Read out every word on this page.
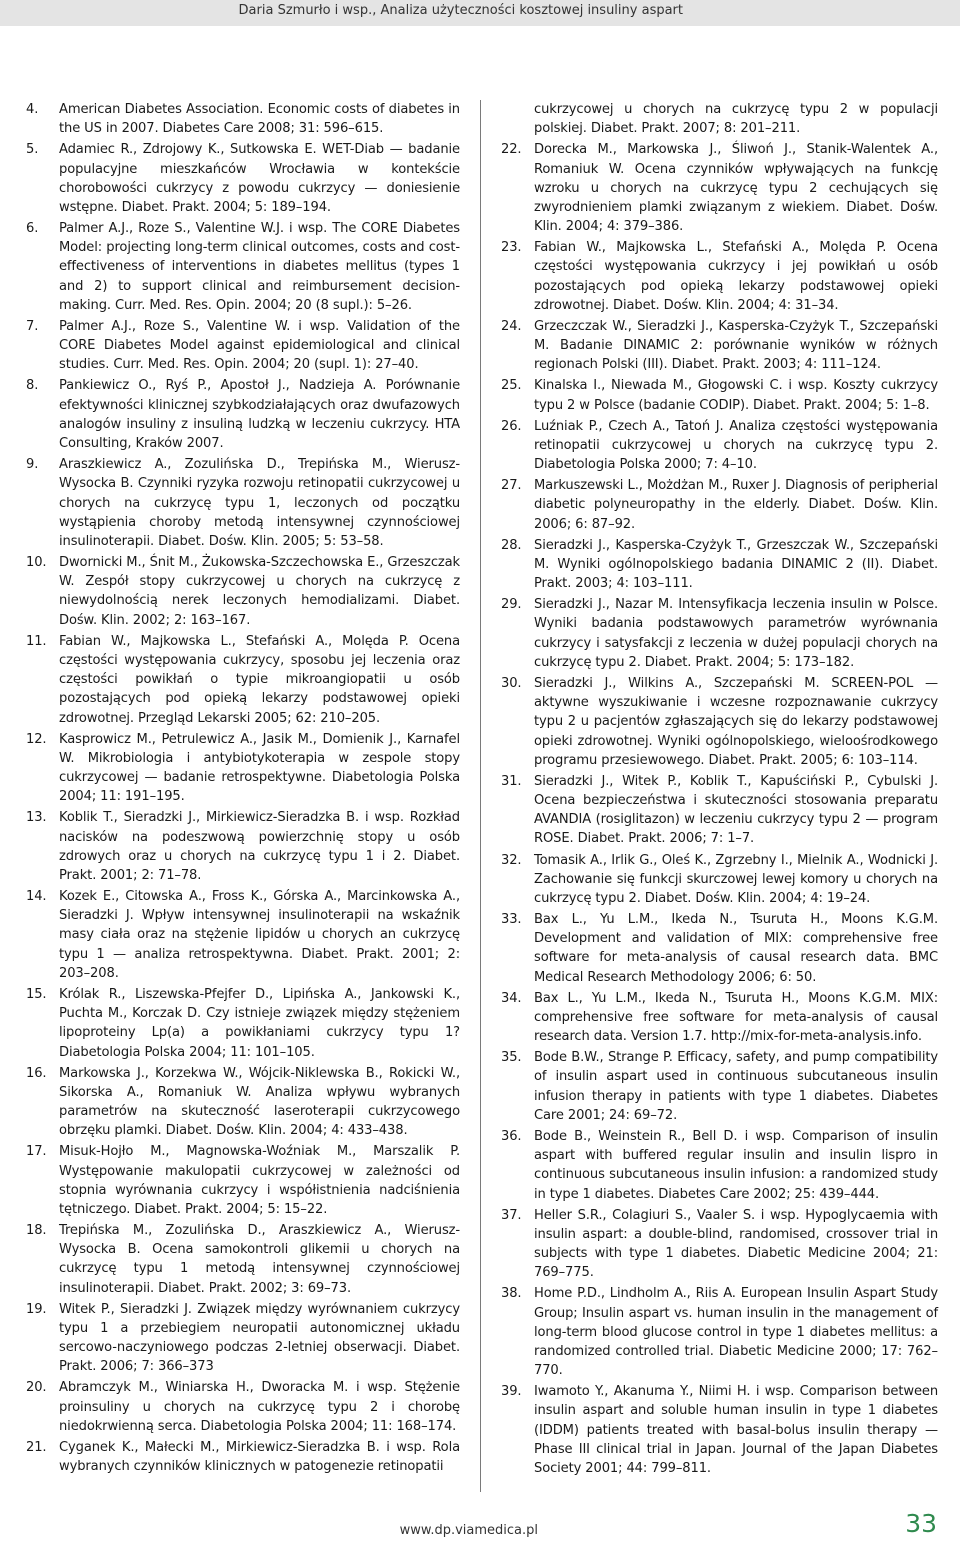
Daria Szmurło i wsp., Analiza użyteczności kosztowej insuliny aspart
4.	American Diabetes Association. Economic costs of diabetes in the US in 2007. Diabetes Care 2008; 31: 596–615.
5.	Adamiec R., Zdrojowy K., Sutkowska E. WET-Diab — badanie populacyjne mieszkańców Wrocławia w kontekście chorobowości cukrzycy z powodu cukrzycy — doniesienie wstępne. Diabet. Prakt. 2004; 5: 189–194.
6.	Palmer A.J., Roze S., Valentine W.J. i wsp. The CORE Diabetes Model: projecting long-term clinical outcomes, costs and cost-effectiveness of interventions in diabetes mellitus (types 1 and 2) to support clinical and reimbursement decision-making. Curr. Med. Res. Opin. 2004; 20 (8 supl.): 5–26.
7.	Palmer A.J., Roze S., Valentine W. i wsp. Validation of the CORE Diabetes Model against epidemiological and clinical studies. Curr. Med. Res. Opin. 2004; 20 (supl. 1): 27–40.
8.	Pankiewicz O., Ryś P., Apostoł J., Nadzieja A. Porównanie efektywności klinicznej szybkodziałających oraz dwufazowych analogów insuliny z insuliną ludzką w leczeniu cukrzycy. HTA Consulting, Kraków 2007.
9.	Araszkiewicz A., Zozulińska D., Trepińska M., Wierusz-Wysocka B. Czynniki ryzyka rozwoju retinopatii cukrzycowej u chorych na cukrzycę typu 1, leczonych od początku wystąpienia choroby metodą intensywnej czynnościowej insulinoterapii. Diabet. Dośw. Klin. 2005; 5: 53–58.
10. Dwornicki M., Śnit M., Żukowska-Szczechowska E., Grzeszczak W. Zespół stopy cukrzycowej u chorych na cukrzycę z niewydolnością nerek leczonych hemodializami. Diabet. Dośw. Klin. 2002; 2: 163–167.
11. Fabian W., Majkowska L., Stefański A., Molęda P. Ocena częstości występowania cukrzycy, sposobu jej leczenia oraz częstości powikłań o typie mikroangiopatii u osób pozostających pod opieką lekarzy podstawowej opieki zdrowotnej. Przegląd Lekarski 2005; 62: 210–205.
12. Kasprowicz M., Petrulewicz A., Jasik M., Domienik J., Karnafel W. Mikrobiologia i antybiotykoterapia w zespole stopy cukrzycowej — badanie retrospektywne. Diabetologia Polska 2004; 11: 191–195.
13. Koblik T., Sieradzki J., Mirkiewicz-Sieradzka B. i wsp. Rozkład nacisków na podeszwową powierzchnię stopy u osób zdrowych oraz u chorych na cukrzycę typu 1 i 2. Diabet. Prakt. 2001; 2: 71–78.
14. Kozek E., Citowska A., Fross K., Górska A., Marcinkowska A., Sieradzki J. Wpływ intensywnej insulinoterapii na wskaźnik masy ciała oraz na stężenie lipidów u chorych an cukrzycę typu 1 — analiza retrospektywna. Diabet. Prakt. 2001; 2: 203–208.
15. Królak R., Liszewska-Pfejfer D., Lipińska A., Jankowski K., Puchta M., Korczak D. Czy istnieje związek między stężeniem lipoproteiny Lp(a) a powikłaniami cukrzycy typu 1? Diabetologia Polska 2004; 11: 101–105.
16. Markowska J., Korzekwa W., Wójcik-Niklewska B., Rokicki W., Sikorska A., Romaniuk W. Analiza wpływu wybranych parametrów na skuteczność laseroterapii cukrzycowego obrzęku plamki. Diabet. Dośw. Klin. 2004; 4: 433–438.
17. Misuk-Hojło M., Magnowska-Woźniak M., Marszalik P. Występowanie makulopatii cukrzycowej w zależności od stopnia wyrównania cukrzycy i współistnienia nadciśnienia tętniczego. Diabet. Prakt. 2004; 5: 15–22.
18. Trepińska M., Zozulińska D., Araszkiewicz A., Wierusz-Wysocka B. Ocena samokontroli glikemii u chorych na cukrzycę typu 1 metodą intensywnej czynnościowej insulinoterapii. Diabet. Prakt. 2002; 3: 69–73.
19. Witek P., Sieradzki J. Związek między wyrównaniem cukrzycy typu 1 a przebiegiem neuropatii autonomicznej układu sercowo-naczyniowego podczas 2-letniej obserwacji. Diabet. Prakt. 2006; 7: 366–373
20. Abramczyk M., Winiarska H., Dworacka M. i wsp. Stężenie proinsuliny u chorych na cukrzycę typu 2 i chorobę niedokrwienną serca. Diabetologia Polska 2004; 11: 168–174.
21. Cyganek K., Małecki M., Mirkiewicz-Sieradzka B. i wsp. Rola wybranych czynników klinicznych w patogenezie retinopatii
cukrzycowej u chorych na cukrzycę typu 2 w populacji polskiej. Diabet. Prakt. 2007; 8: 201–211.
22. Dorecka M., Markowska J., Śliwoń J., Stanik-Walentek A., Romaniuk W. Ocena czynników wpływających na funkcję wzroku u chorych na cukrzycę typu 2 cechujących się zwyrodnieniem plamki związanym z wiekiem. Diabet. Dośw. Klin. 2004; 4: 379–386.
23. Fabian W., Majkowska L., Stefański A., Molęda P. Ocena częstości występowania cukrzycy i jej powikłań u osób pozostających pod opieką lekarzy podstawowej opieki zdrowotnej. Diabet. Dośw. Klin. 2004; 4: 31–34.
24. Grzeczczak W., Sieradzki J., Kasperska-Czyżyk T., Szczepański M. Badanie DINAMIC 2: porównanie wyników w różnych regionach Polski (III). Diabet. Prakt. 2003; 4: 111–124.
25. Kinalska I., Niewada M., Głogowski C. i wsp. Koszty cukrzycy typu 2 w Polsce (badanie CODIP). Diabet. Prakt. 2004; 5: 1–8.
26. Luźniak P., Czech A., Tatoń J. Analiza częstości występowania retinopatii cukrzycowej u chorych na cukrzycę typu 2. Diabetologia Polska 2000; 7: 4–10.
27. Markuszewski L., Możdżan M., Ruxer J. Diagnosis of peripherial diabetic polyneuropathy in the elderly. Diabet. Dośw. Klin. 2006; 6: 87–92.
28. Sieradzki J., Kasperska-Czyżyk T., Grzeszczak W., Szczepański M. Wyniki ogólnopolskiego badania DINAMIC 2 (II). Diabet. Prakt. 2003; 4: 103–111.
29. Sieradzki J., Nazar M. Intensyfikacja leczenia insulin w Polsce. Wyniki badania podstawowych parametrów wyrównania cukrzycy i satysfakcji z leczenia w dużej populacji chorych na cukrzycę typu 2. Diabet. Prakt. 2004; 5: 173–182.
30. Sieradzki J., Wilkins A., Szczepański M. SCREEN-POL — aktywne wyszukiwanie i wczesne rozpoznawanie cukrzycy typu 2 u pacjentów zgłaszających się do lekarzy podstawowej opieki zdrowotnej. Wyniki ogólnopolskiego, wieloośrodkowego programu przesiewowego. Diabet. Prakt. 2005; 6: 103–114.
31. Sieradzki J., Witek P., Koblik T., Kapuściński P., Cybulski J. Ocena bezpieczeństwa i skuteczności stosowania preparatu AVANDIA (rosiglitazon) w leczeniu cukrzycy typu 2 — program ROSE. Diabet. Prakt. 2006; 7: 1–7.
32. Tomasik A., Irlik G., Oleś K., Zgrzebny I., Mielnik A., Wodnicki J. Zachowanie się funkcji skurczowej lewej komory u chorych na cukrzycę typu 2. Diabet. Dośw. Klin. 2004; 4: 19–24.
33. Bax L., Yu L.M., Ikeda N., Tsuruta H., Moons K.G.M. Development and validation of MIX: comprehensive free software for meta-analysis of causal research data. BMC Medical Research Methodology 2006; 6: 50.
34. Bax L., Yu L.M., Ikeda N., Tsuruta H., Moons K.G.M. MIX: comprehensive free software for meta-analysis of causal research data. Version 1.7. http://mix-for-meta-analysis.info.
35. Bode B.W., Strange P. Efficacy, safety, and pump compatibility of insulin aspart used in continuous subcutaneous insulin infusion therapy in patients with type 1 diabetes. Diabetes Care 2001; 24: 69–72.
36. Bode B., Weinstein R., Bell D. i wsp. Comparison of insulin aspart with buffered regular insulin and insulin lispro in continuous subcutaneous insulin infusion: a randomized study in type 1 diabetes. Diabetes Care 2002; 25: 439–444.
37. Heller S.R., Colagiuri S., Vaaler S. i wsp. Hypoglycaemia with insulin aspart: a double-blind, randomised, crossover trial in subjects with type 1 diabetes. Diabetic Medicine 2004; 21: 769–775.
38. Home P.D., Lindholm A., Riis A. European Insulin Aspart Study Group; Insulin aspart vs. human insulin in the management of long-term blood glucose control in type 1 diabetes mellitus: a randomized controlled trial. Diabetic Medicine 2000; 17: 762–770.
39. Iwamoto Y., Akanuma Y., Niimi H. i wsp. Comparison between insulin aspart and soluble human insulin in type 1 diabetes (IDDM) patients treated with basal-bolus insulin therapy — Phase III clinical trial in Japan. Journal of the Japan Diabetes Society 2001; 44: 799–811.
www.dp.viamedica.pl	33
